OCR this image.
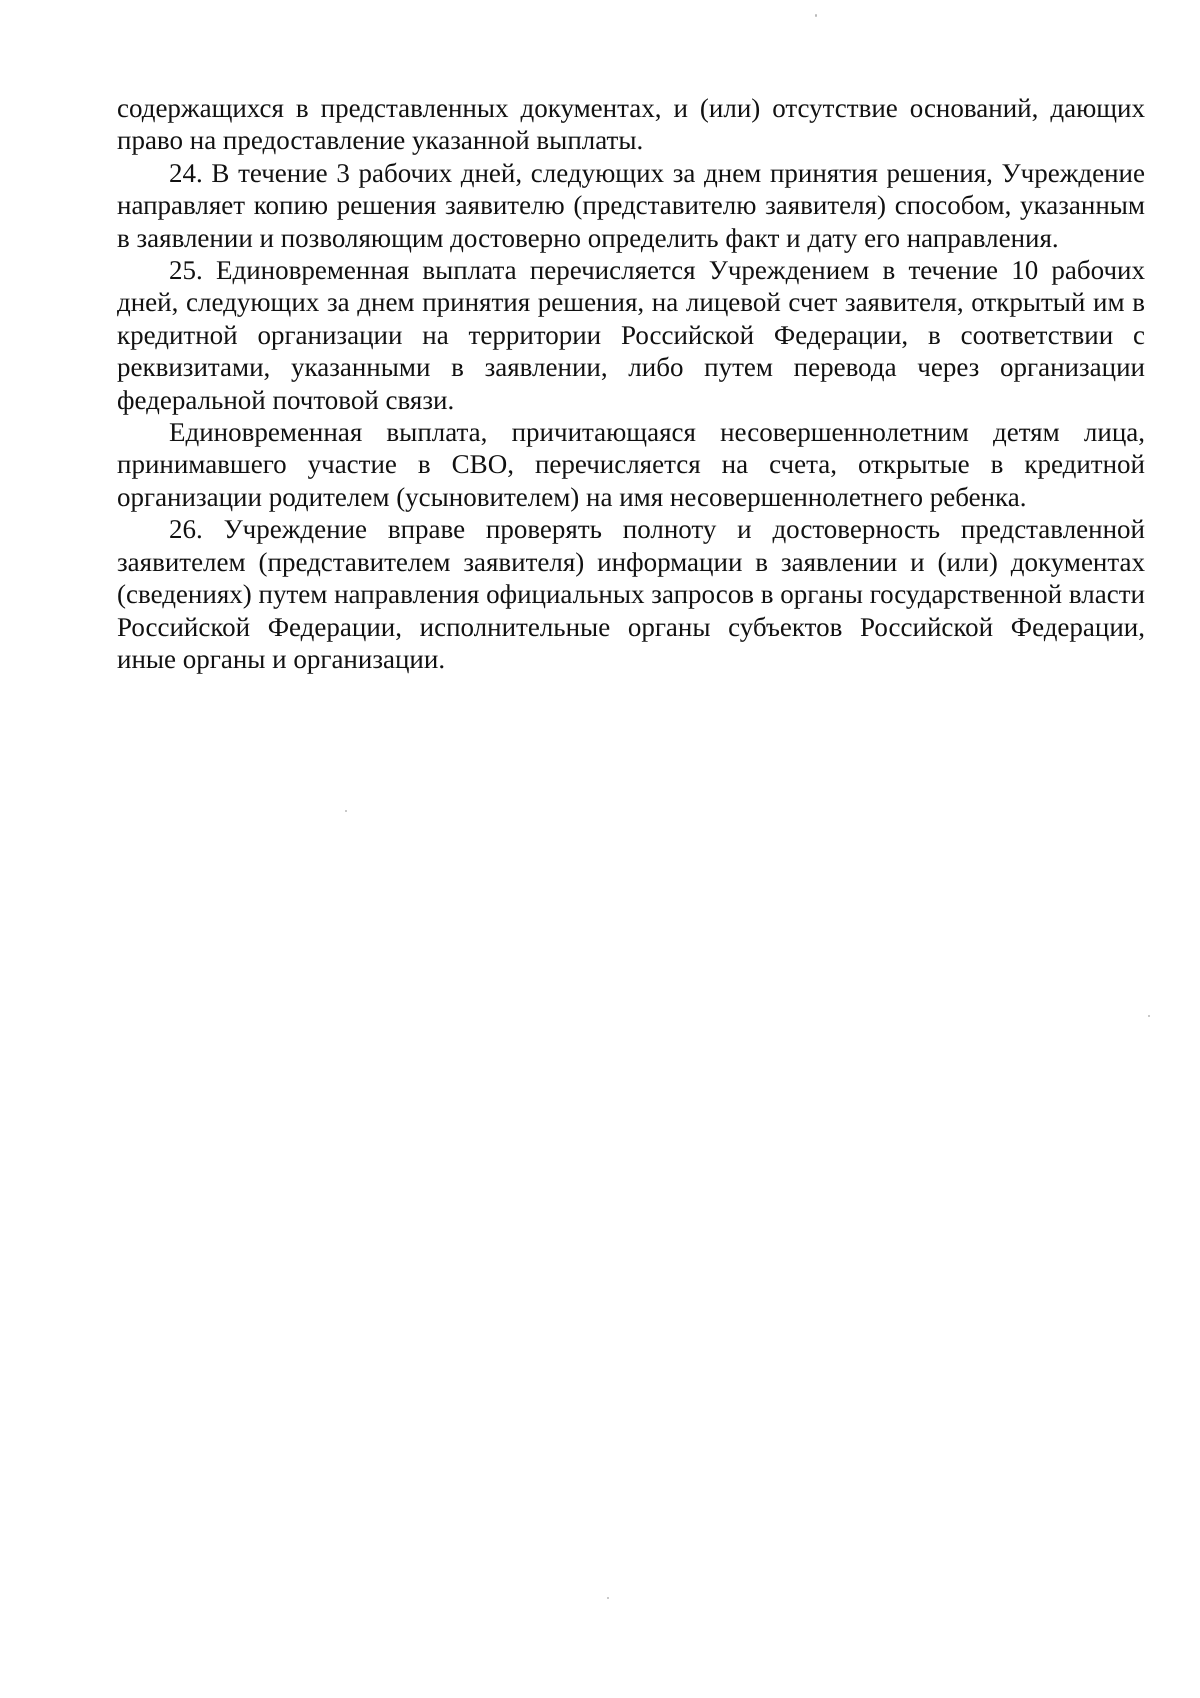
содержащихся в представленных документах, и (или) отсутствие оснований, дающих право на предоставление указанной выплаты.

24. В течение 3 рабочих дней, следующих за днем принятия решения, Учреждение направляет копию решения заявителю (представителю заявителя) способом, указанным в заявлении и позволяющим достоверно определить факт и дату его направления.

25. Единовременная выплата перечисляется Учреждением в течение 10 рабочих дней, следующих за днем принятия решения, на лицевой счет заявителя, открытый им в кредитной организации на территории Российской Федерации, в соответствии с реквизитами, указанными в заявлении, либо путем перевода через организации федеральной почтовой связи.

Единовременная выплата, причитающаяся несовершеннолетним детям лица, принимавшего участие в СВО, перечисляется на счета, открытые в кредитной организации родителем (усыновителем) на имя несовершеннолетнего ребенка.

26. Учреждение вправе проверять полноту и достоверность представленной заявителем (представителем заявителя) информации в заявлении и (или) документах (сведениях) путем направления официальных запросов в органы государственной власти Российской Федерации, исполнительные органы субъектов Российской Федерации, иные органы и организации.
